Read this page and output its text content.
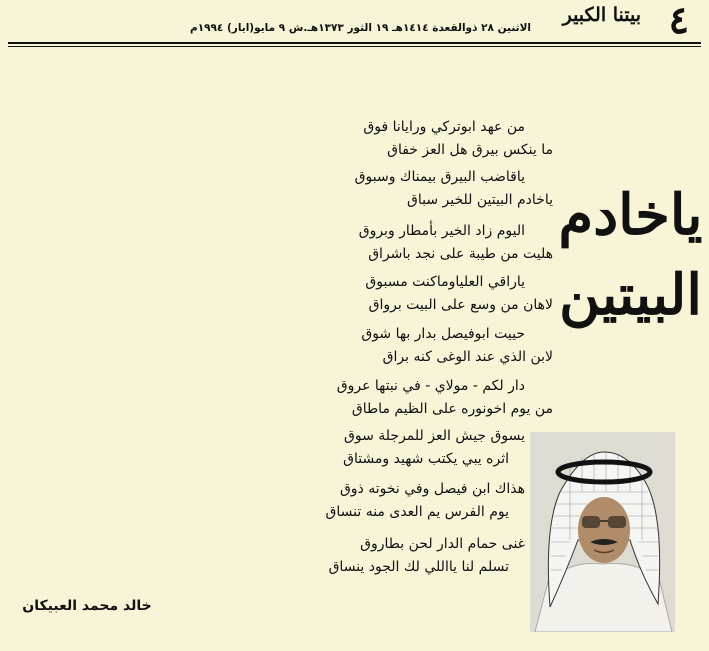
٤
بيتنا الكبير
الاثنين ٢٨ ذوالقعدة ١٤١٤هـ ١٩ الثور ١٣٧٣هـ.ش ٩ مايو(ايار) ١٩٩٤م
ياخادم
البيتين
من عهد ابوتركي ورايانا فوق
ما ينكس بيرق هل العز خفاق
ياقاضب البيرق بيمناك وسبوق
ياخادم البيتين للخير سباق
اليوم زاد الخير بأمطار وبروق
هليت من طيبة على نجد باشراق
ياراقي العلياوماكنت مسبوق
لاهان من وسع على البيت برواق
حييت ابوفيصل بدار بها شوق
لابن الذي عند الوغى كنه براق
دار لكم - مولاي - في نبتها عروق
من يوم اخونوره على الظيم ماطاق
يسوق جيش العز للمرجلة سوق
اثره يبي يكتب شهيد ومشتاق
هذاك ابن فيصل وفي نخوته ذوق
يوم الفرس يم العدى منه تنساق
غنى حمام الدار لحن بطاروق
تسلم لنا يااللي لك الجود ينساق
خالد محمد العبيكان
